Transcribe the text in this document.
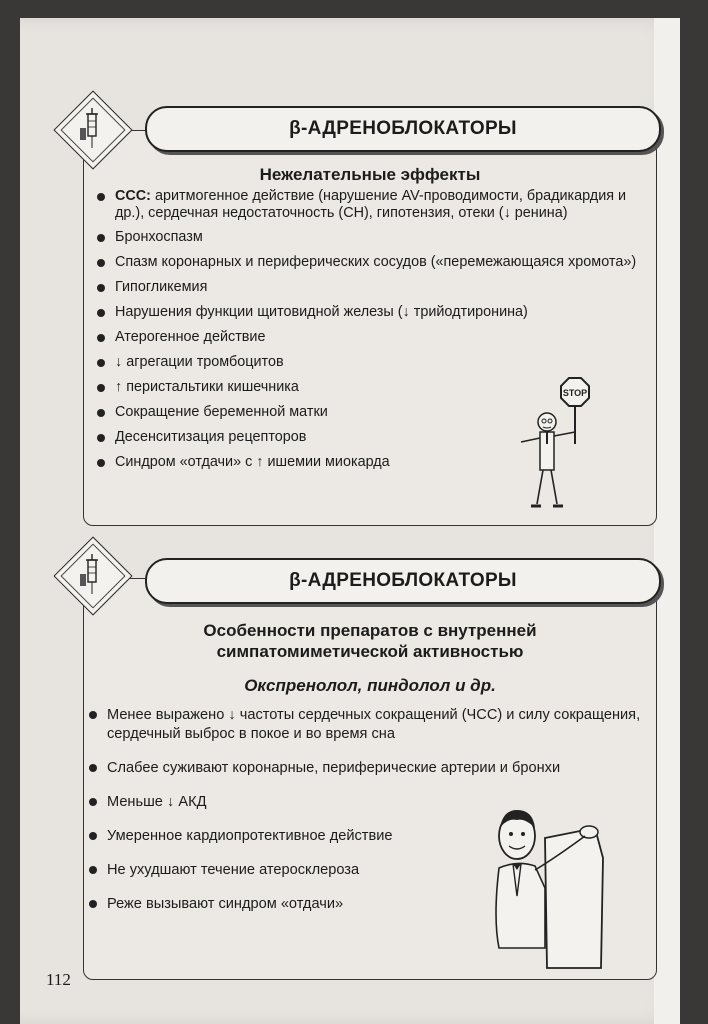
β-АДРЕНОБЛОКАТОРЫ
Нежелательные эффекты
ССС: аритмогенное действие (нарушение AV-проводимости, брадикардия и др.), сердечная недостаточность (СН), гипотензия, отеки (↓ ренина)
Бронхоспазм
Спазм коронарных и периферических сосудов («перемежающаяся хромота»)
Гипогликемия
Нарушения функции щитовидной железы (↓ трийодтиронина)
Атерогенное действие
↓ агрегации тромбоцитов
↑ перистальтики кишечника
Сокращение беременной матки
Десенситизация рецепторов
Синдром «отдачи» с ↑ ишемии миокарда
STOP
β-АДРЕНОБЛОКАТОРЫ
Особенности препаратов с внутренней
симпатомиметической активностью
Окспренолол, пиндолол и др.
Менее выражено ↓ частоты сердечных сокращений (ЧСС) и силу сокращения, сердечный выброс в покое и во время сна
Слабее суживают коронарные, периферические артерии и бронхи
Меньше ↓ АКД
Умеренное кардиопротективное действие
Не ухудшают течение атеросклероза
Реже вызывают синдром «отдачи»
112
